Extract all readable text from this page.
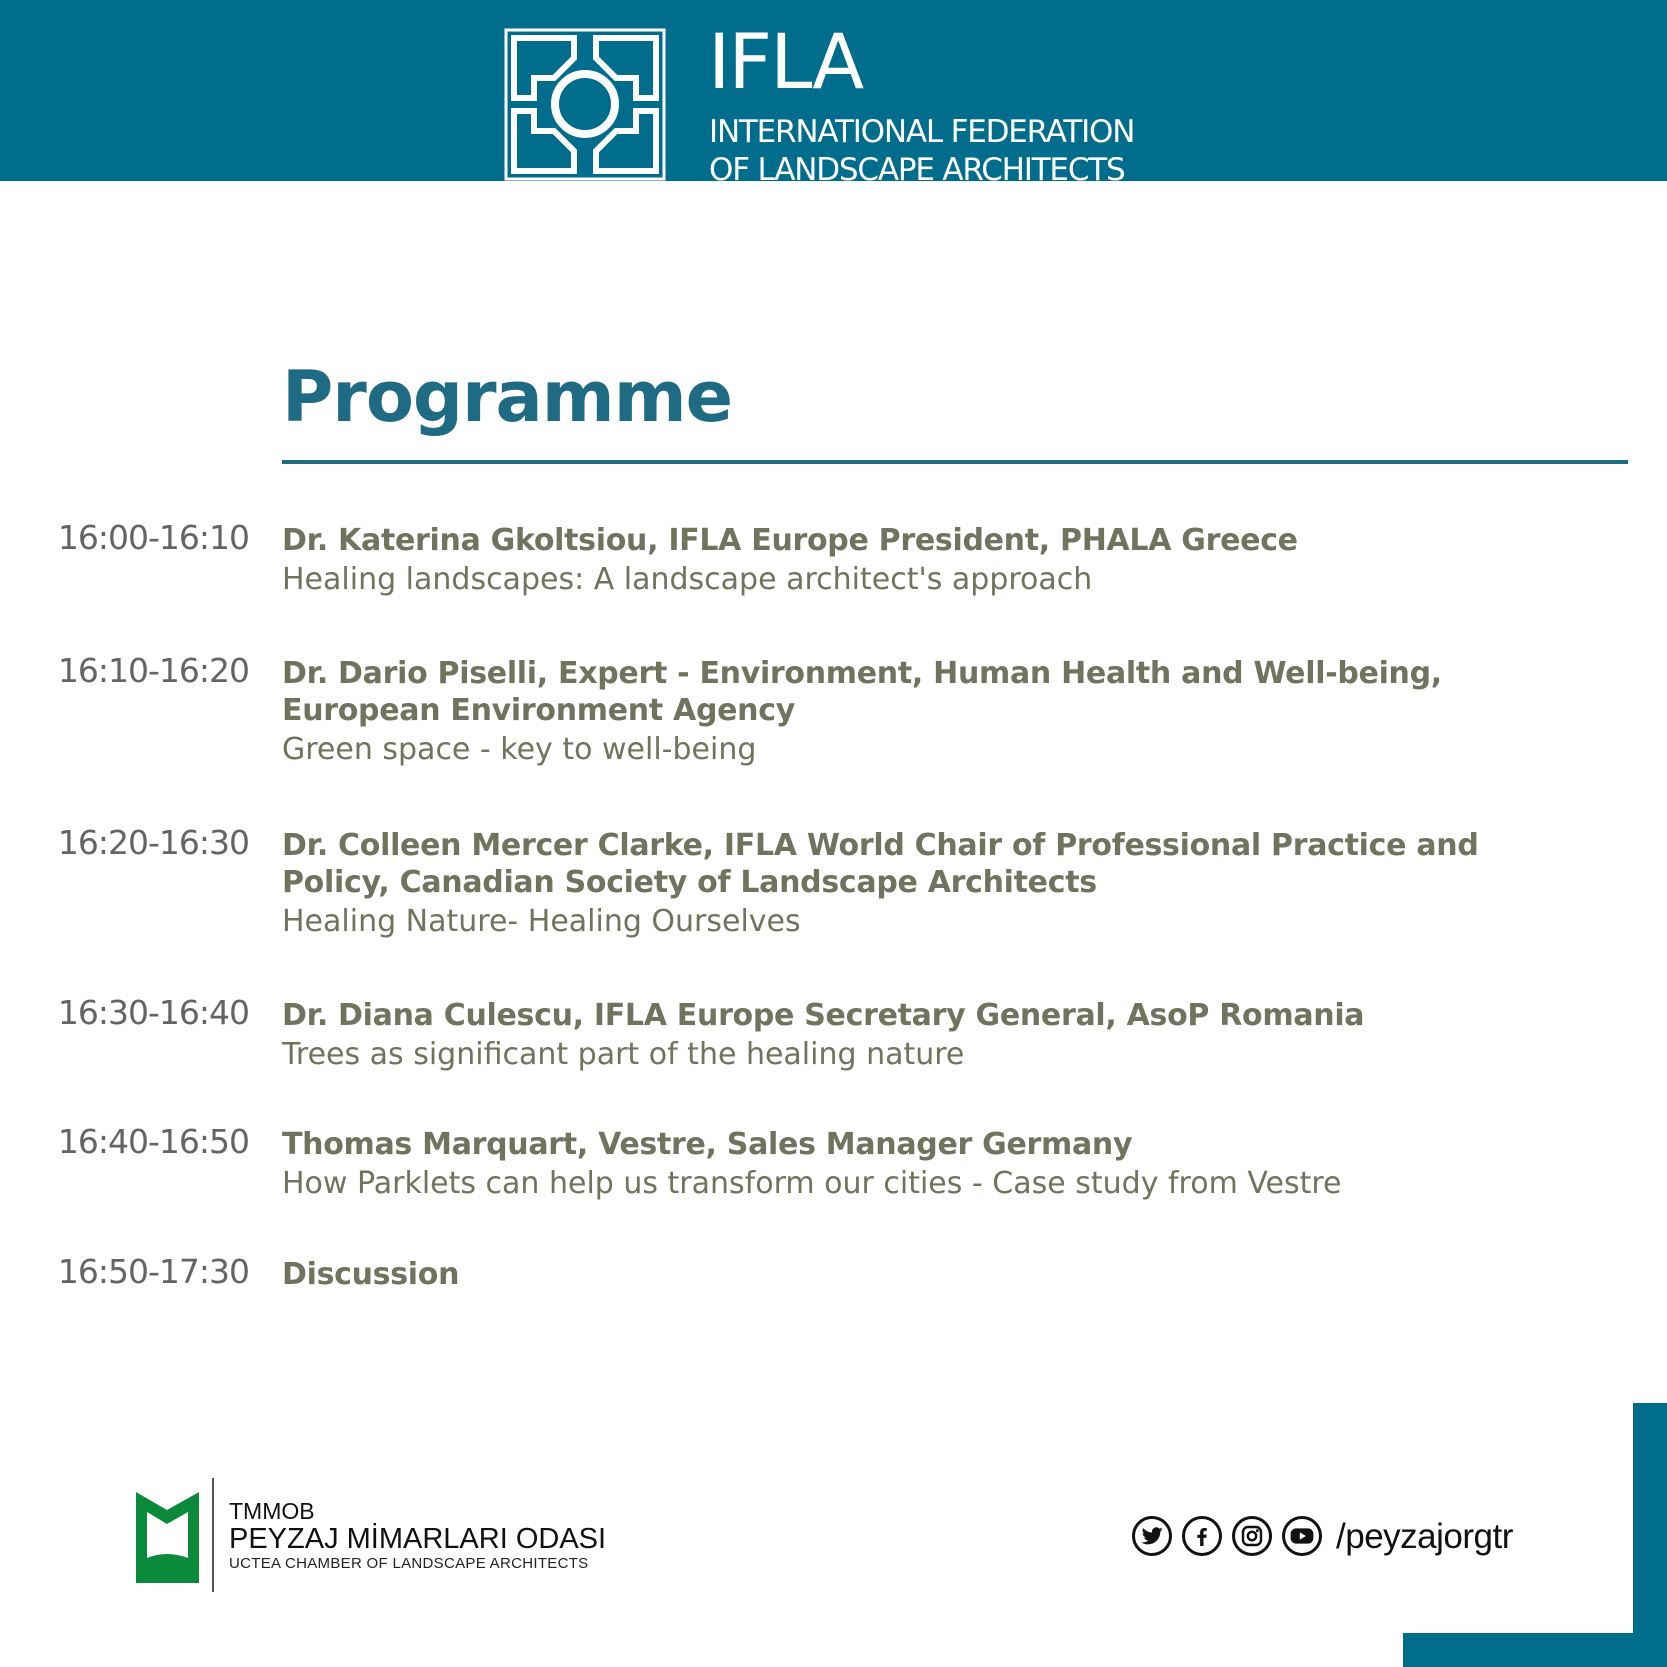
IFLA
INTERNATIONAL FEDERATION
OF LANDSCAPE ARCHITECTS
Programme
16:00-16:10 Dr. Katerina Gkoltsiou, IFLA Europe President, PHALA Greece
Healing landscapes: A landscape architect's approach
16:10-16:20 Dr. Dario Piselli, Expert - Environment, Human Health and Well-being,
European Environment Agency
Green space - key to well-being
16:20-16:30 Dr. Colleen Mercer Clarke, IFLA World Chair of Professional Practice and
Policy, Canadian Society of Landscape Architects
Healing Nature- Healing Ourselves
16:30-16:40 Dr. Diana Culescu, IFLA Europe Secretary General, AsoP Romania
Trees as significant part of the healing nature
16:40-16:50 Thomas Marquart, Vestre, Sales Manager Germany
How Parklets can help us transform our cities - Case study from Vestre
16:50-17:30 Discussion
TMMOB
PEYZAJ MİMARLARI ODASI
UCTEA CHAMBER OF LANDSCAPE ARCHITECTS
/peyzajorgtr
